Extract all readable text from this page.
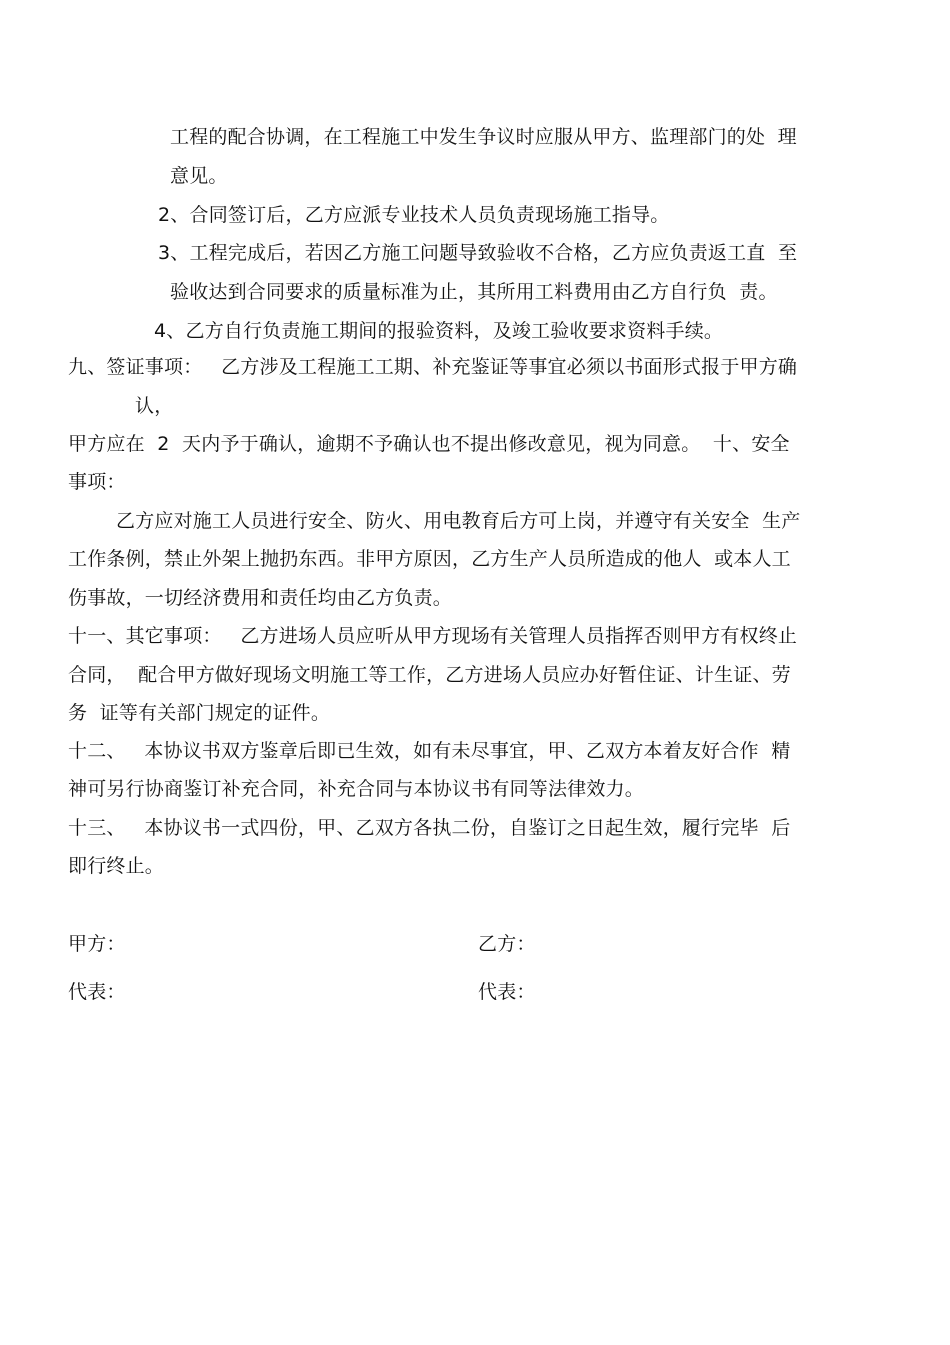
工程的配合协调，在工程施工中发生争议时应服从甲方、监理部门的处  理
意见。
2、合同签订后，乙方应派专业技术人员负责现场施工指导。
3、工程完成后，若因乙方施工问题导致验收不合格，乙方应负责返工直  至
验收达到合同要求的质量标准为止，其所用工料费用由乙方自行负  责。
4、乙方自行负责施工期间的报验资料，及竣工验收要求资料手续。
九、签证事项：   乙方涉及工程施工工期、补充鉴证等事宜必须以书面形式报于甲方确
认，
甲方应在  2  天内予于确认，逾期不予确认也不提出修改意见，视为同意。  十、安全
事项：
乙方应对施工人员进行安全、防火、用电教育后方可上岗，并遵守有关安全  生产
工作条例，禁止外架上抛扔东西。非甲方原因，乙方生产人员所造成的他人  或本人工
伤事故，一切经济费用和责任均由乙方负责。
十一、其它事项：   乙方进场人员应听从甲方现场有关管理人员指挥否则甲方有权终止
合同，  配合甲方做好现场文明施工等工作，乙方进场人员应办好暂住证、计生证、劳
务  证等有关部门规定的证件。
十二、   本协议书双方鉴章后即已生效，如有未尽事宜，甲、乙双方本着友好合作  精
神可另行协商鉴订补充合同，补充合同与本协议书有同等法律效力。
十三、   本协议书一式四份，甲、乙双方各执二份，自鉴订之日起生效，履行完毕  后
即行终止。
甲方：	乙方：
代表：	代表：
